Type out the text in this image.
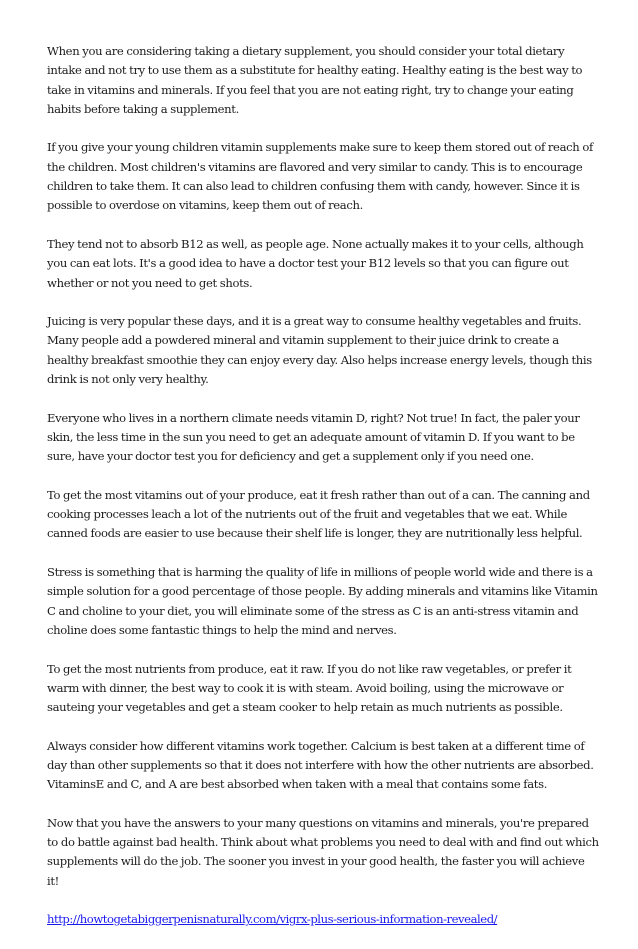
When you are considering taking a dietary supplement, you should consider your total dietary intake and not try to use them as a substitute for healthy eating. Healthy eating is the best way to take in vitamins and minerals. If you feel that you are not eating right, try to change your eating habits before taking a supplement.

If you give your young children vitamin supplements make sure to keep them stored out of reach of the children. Most children's vitamins are flavored and very similar to candy. This is to encourage children to take them. It can also lead to children confusing them with candy, however. Since it is possible to overdose on vitamins, keep them out of reach.

They tend not to absorb B12 as well, as people age. None actually makes it to your cells, although you can eat lots. It's a good idea to have a doctor test your B12 levels so that you can figure out whether or not you need to get shots.

Juicing is very popular these days, and it is a great way to consume healthy vegetables and fruits. Many people add a powdered mineral and vitamin supplement to their juice drink to create a healthy breakfast smoothie they can enjoy every day. Also helps increase energy levels, though this drink is not only very healthy.

Everyone who lives in a northern climate needs vitamin D, right? Not true! In fact, the paler your skin, the less time in the sun you need to get an adequate amount of vitamin D. If you want to be sure, have your doctor test you for deficiency and get a supplement only if you need one.

To get the most vitamins out of your produce, eat it fresh rather than out of a can. The canning and cooking processes leach a lot of the nutrients out of the fruit and vegetables that we eat. While canned foods are easier to use because their shelf life is longer, they are nutritionally less helpful.

Stress is something that is harming the quality of life in millions of people world wide and there is a simple solution for a good percentage of those people. By adding minerals and vitamins like Vitamin C and choline to your diet, you will eliminate some of the stress as C is an anti-stress vitamin and choline does some fantastic things to help the mind and nerves.

To get the most nutrients from produce, eat it raw. If you do not like raw vegetables, or prefer it warm with dinner, the best way to cook it is with steam. Avoid boiling, using the microwave or sauteing your vegetables and get a steam cooker to help retain as much nutrients as possible.

Always consider how different vitamins work together. Calcium is best taken at a different time of day than other supplements so that it does not interfere with how the other nutrients are absorbed. VitaminsE and C, and A are best absorbed when taken with a meal that contains some fats.

Now that you have the answers to your many questions on vitamins and minerals, you're prepared to do battle against bad health. Think about what problems you need to deal with and find out which supplements will do the job. The sooner you invest in your good health, the faster you will achieve it!

http://howtogetabiggerpenisnaturally.com/vigrx-plus-serious-information-revealed/
